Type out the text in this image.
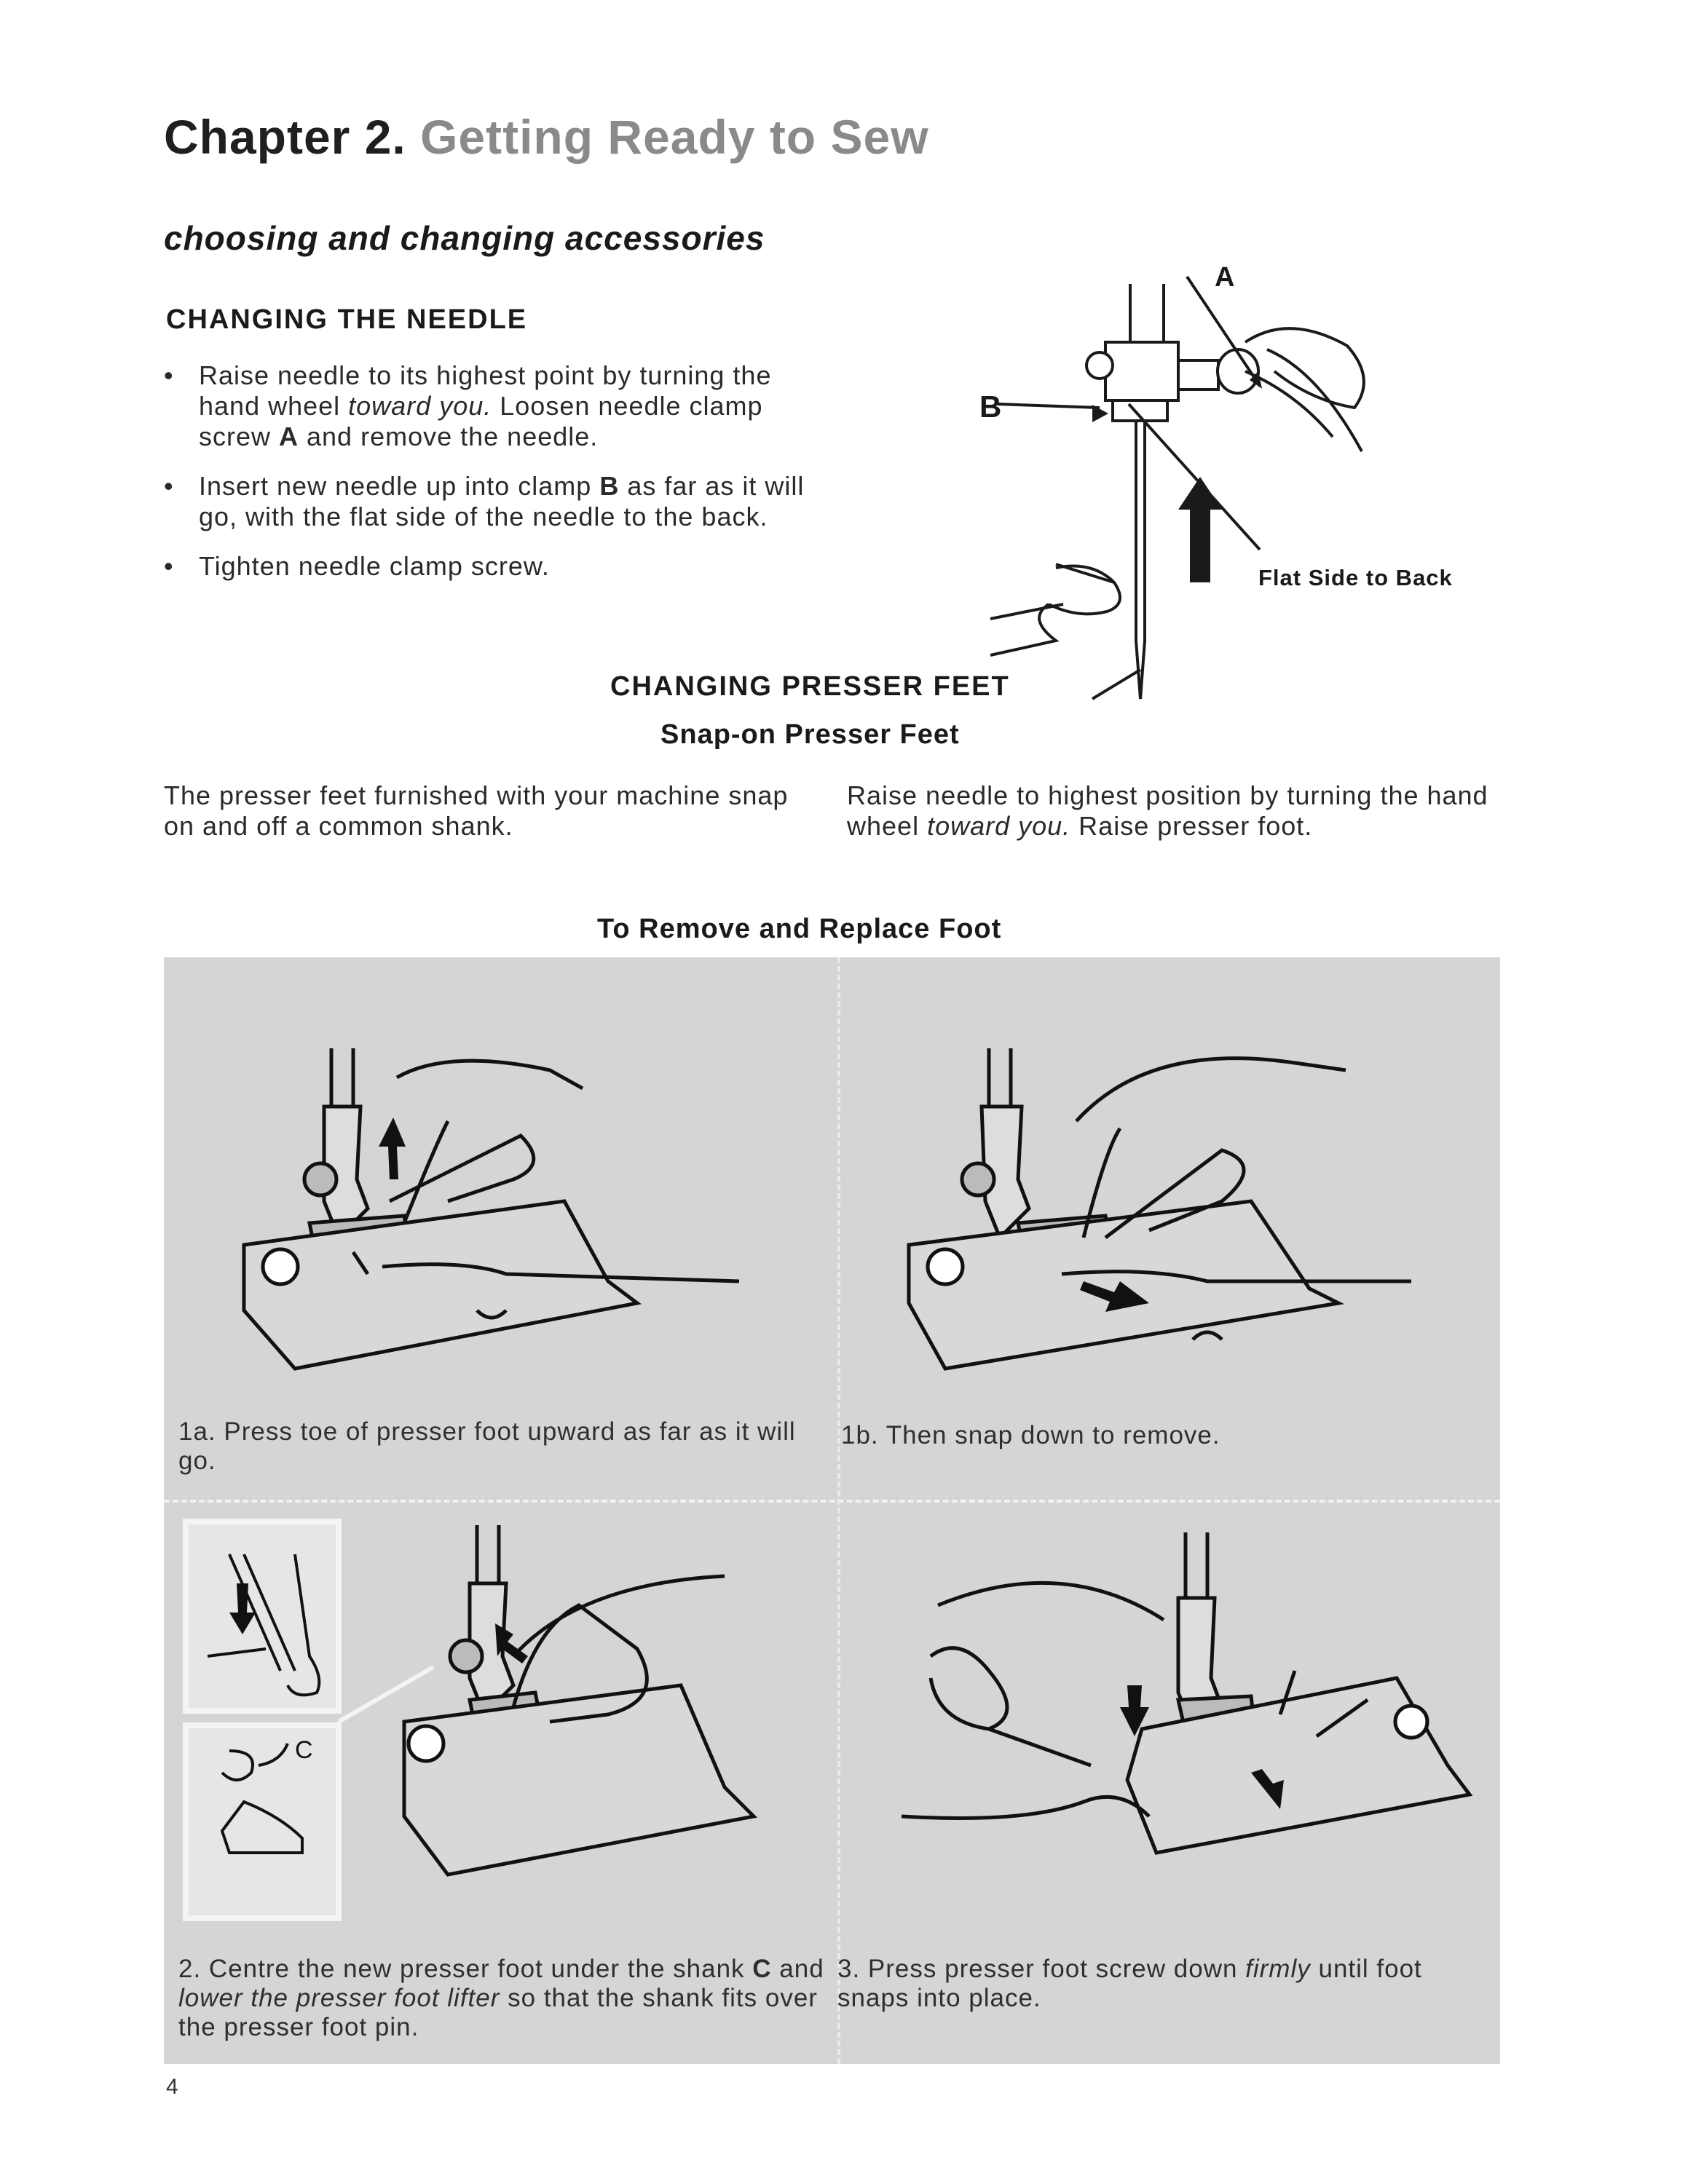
Chapter 2. Getting Ready to Sew
choosing and changing accessories
CHANGING THE NEEDLE
• Raise needle to its highest point by turning the hand wheel toward you. Loosen needle clamp screw A and remove the needle.
• Insert new needle up into clamp B as far as it will go, with the flat side of the needle to the back.
• Tighten needle clamp screw.
A
B
Flat Side to Back
CHANGING PRESSER FEET
Snap-on Presser Feet
The presser feet furnished with your machine snap on and off a common shank.
Raise needle to highest position by turning the hand wheel toward you. Raise presser foot.
To Remove and Replace Foot
1a. Press toe of presser foot upward as far as it will go.
1b. Then snap down to remove.
C
2. Centre the new presser foot under the shank C and lower the presser foot lifter so that the shank fits over the presser foot pin.
3. Press presser foot screw down firmly until foot snaps into place.
4
